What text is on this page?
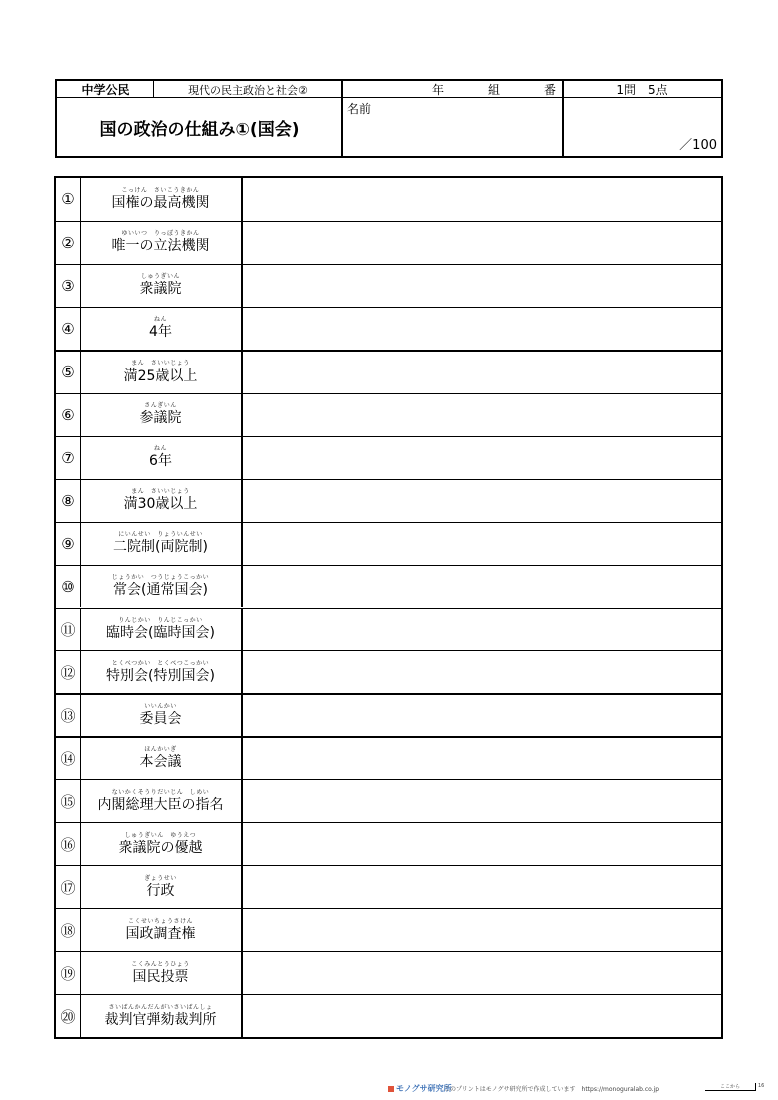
中学公民	現代の民主政治と社会②	年	組	番	1問　5点
国の政治の仕組み①(国会)
名前
／100
①	こっけん　さいこうきかん
国権の最高機関
②	ゆいいつ　りっぽうきかん
唯一の立法機関
③	しゅうぎいん
衆議院
④	ねん
4年
⑤	まん　さいいじょう
満25歳以上
⑥	さんぎいん
参議院
⑦	ねん
6年
⑧	まん　さいいじょう
満30歳以上
⑨	にいんせい　りょういんせい
二院制(両院制)
⑩	じょうかい　つうじょうこっかい
常会(通常国会)
⑪
りんじかい　りんじこっかい
臨時会(臨時国会)
⑫
とくべつかい　とくべつこっかい
特別会(特別国会)
⑬
いいんかい
委員会
⑭
ほんかいぎ
本会議
⑮
ないかくそうりだいじん　しめい
内閣総理大臣の指名
⑯
しゅうぎいん　ゆうえつ
衆議院の優越
⑰
ぎょうせい
行政
⑱
こくせいちょうさけん
国政調査権
⑲
こくみんとうひょう
国民投票
⑳
さいばんかんだんがいさいばんしょ
裁判官弾劾裁判所
モノグサ研究所
このプリントはモノグサ研究所で作成しています　https://monoguralab.co.jp	ここから	16
